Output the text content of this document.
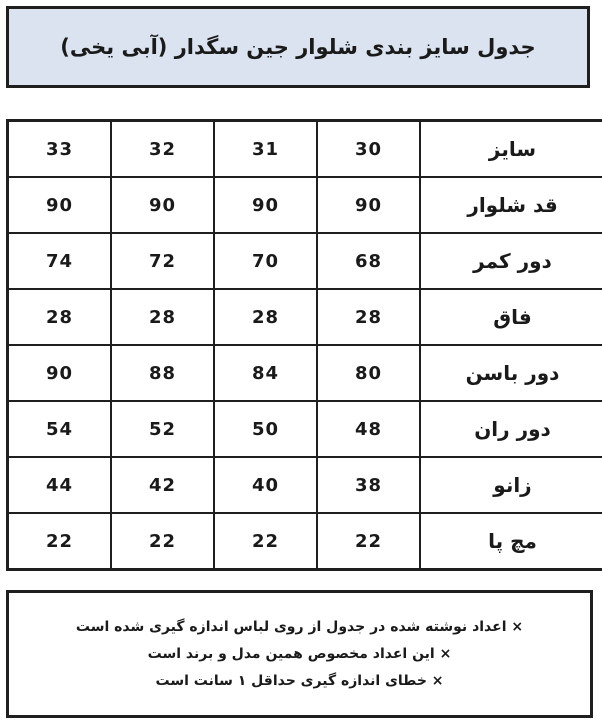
جدول سایز بندی شلوار جین سگدار (آبی یخی)
سایز	30	31	32	33
قد شلوار	90	90	90	90
دور کمر	68	70	72	74
فاق	28	28	28	28
دور باسن	80	84	88	90
دور ران	48	50	52	54
زانو	38	40	42	44
مچ پا	22	22	22	22
× اعداد نوشته شده در جدول از روی لباس اندازه گیری شده است
× این اعداد مخصوص همین مدل و برند است
× خطای اندازه گیری حداقل ۱ سانت است
